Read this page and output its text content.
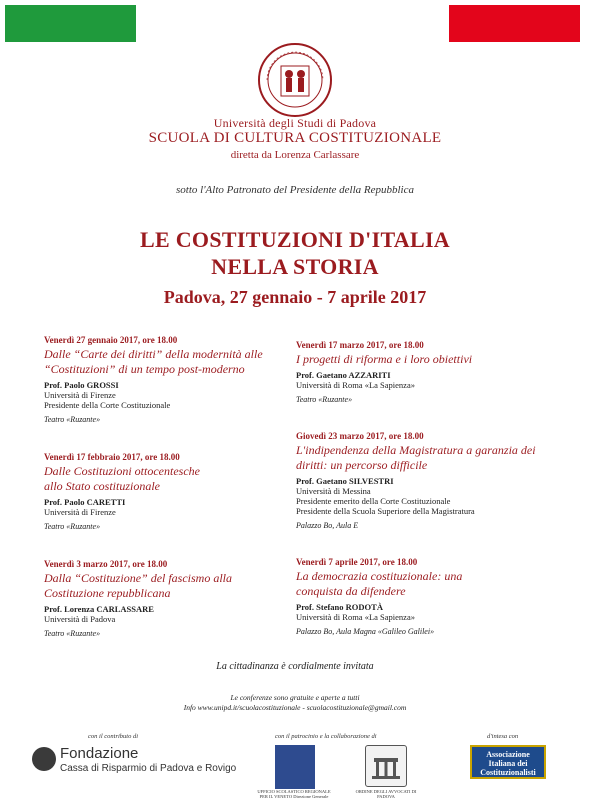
Università degli Studi di Padova
SCUOLA DI CULTURA COSTITUZIONALE
diretta da Lorenza Carlassare
sotto l'Alto Patronato del Presidente della Repubblica
LE COSTITUZIONI D'ITALIA
NELLA STORIA
Padova, 27 gennaio - 7 aprile 2017
Venerdì 27 gennaio 2017, ore 18.00
Dalle “Carte dei diritti” della modernità alle “Costituzioni” di un tempo post-moderno
Prof. Paolo GROSSI
Università di Firenze
Presidente della Corte Costituzionale
Teatro «Ruzante»
Venerdì 17 febbraio 2017, ore 18.00
Dalle Costituzioni ottocentesche allo Stato costituzionale
Prof. Paolo CARETTI
Università di Firenze
Teatro «Ruzante»
Venerdì 3 marzo 2017, ore 18.00
Dalla “Costituzione” del fascismo alla Costituzione repubblicana
Prof. Lorenza CARLASSARE
Università di Padova
Teatro «Ruzante»
Venerdì 17 marzo 2017, ore 18.00
I progetti di riforma e i loro obiettivi
Prof. Gaetano AZZARITI
Università di Roma «La Sapienza»
Teatro «Ruzante»
Giovedì 23 marzo 2017, ore 18.00
L'indipendenza della Magistratura a garanzia dei diritti: un percorso difficile
Prof. Gaetano SILVESTRI
Università di Messina
Presidente emerito della Corte Costituzionale
Presidente della Scuola Superiore della Magistratura
Palazzo Bo, Aula E
Venerdì 7 aprile 2017, ore 18.00
La democrazia costituzionale: una conquista da difendere
Prof. Stefano RODOTÀ
Università di Roma «La Sapienza»
Palazzo Bo, Aula Magna «Galileo Galilei»
La cittadinanza è cordialmente invitata
Le conferenze sono gratuite e aperte a tutti
Info www.unipd.it/scuolacostituzionale - scuolacostituzionale@gmail.com
con il contributo di	con il patrocinio e la collaborazione di	d'intesa con
Fondazione
Cassa di Risparmio di Padova e Rovigo
UFFICIO SCOLASTICO REGIONALE PER IL VENETO Direzione Generale
ORDINE DEGLI AVVOCATI DI PADOVA
Associazione Italiana dei Costituzionalisti
